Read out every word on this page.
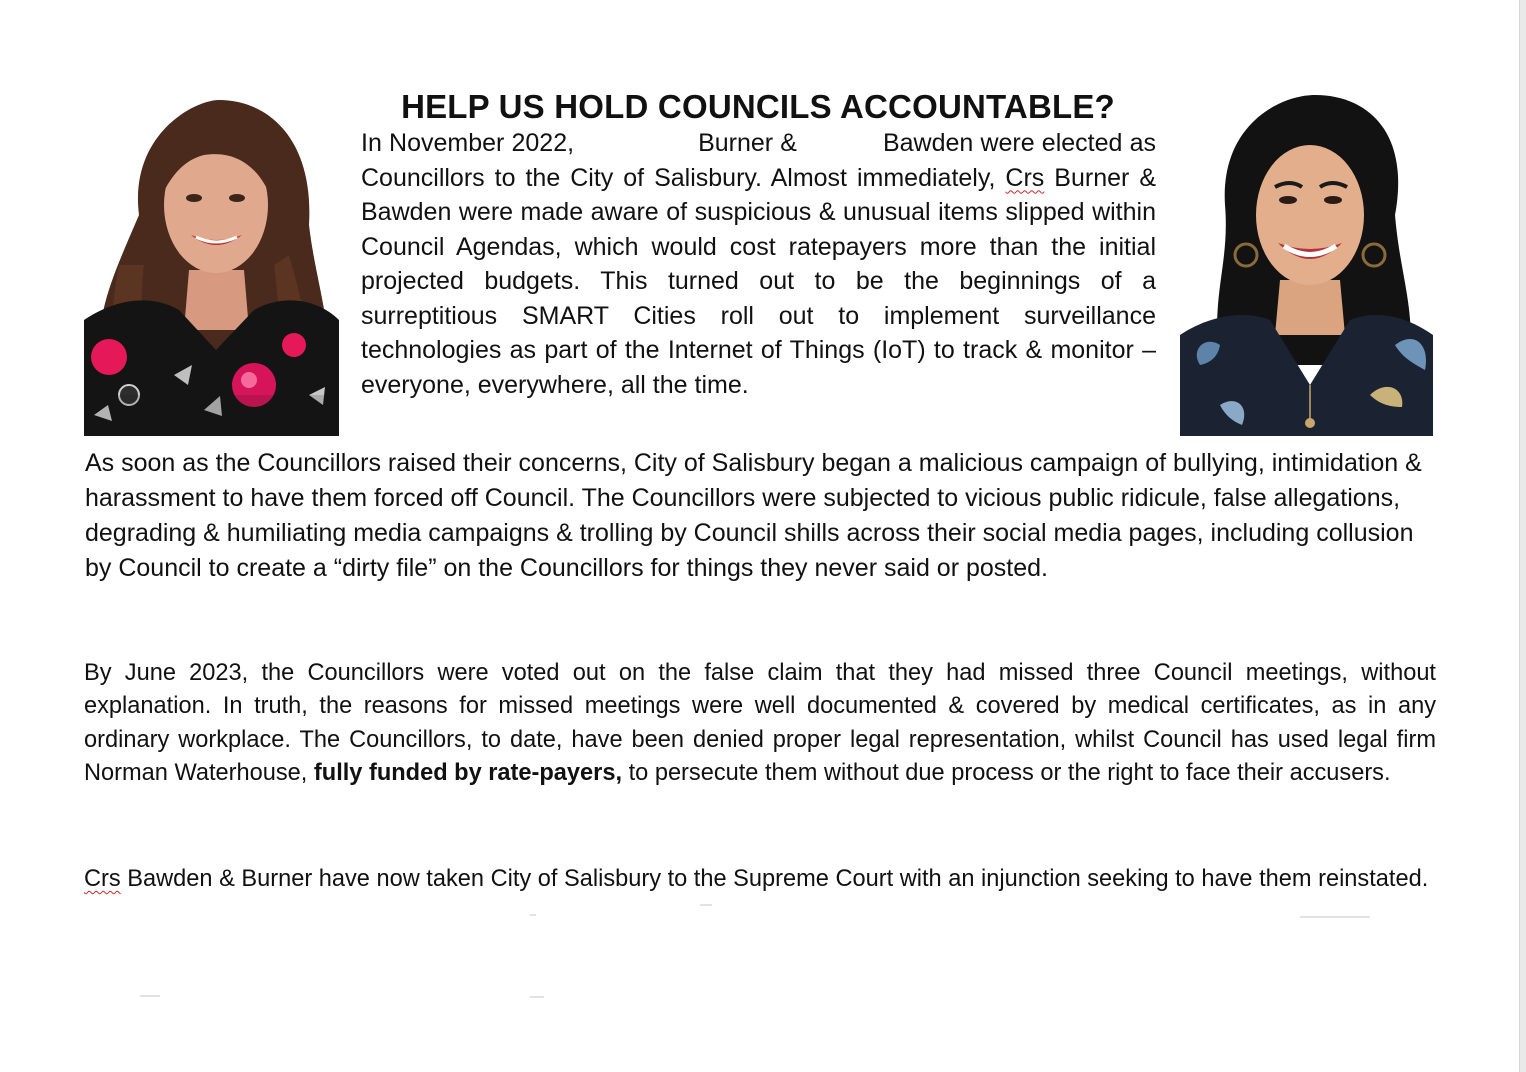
HELP US HOLD COUNCILS ACCOUNTABLE?

In November 2022,	Burner &	Bawden were elected as Councillors to the City of Salisbury. Almost immediately, Crs Burner & Bawden were made aware of suspicious & unusual items slipped within Council Agendas, which would cost ratepayers more than the initial projected budgets. This turned out to be the beginnings of a surreptitious SMART Cities roll out to implement surveillance technologies as part of the Internet of Things (IoT) to track & monitor – everyone, everywhere, all the time.

As soon as the Councillors raised their concerns, City of Salisbury began a malicious campaign of bullying, intimidation & harassment to have them forced off Council. The Councillors were subjected to vicious public ridicule, false allegations, degrading & humiliating media campaigns & trolling by Council shills across their social media pages, including collusion by Council to create a “dirty file” on the Councillors for things they never said or posted.

By June 2023, the Councillors were voted out on the false claim that they had missed three Council meetings, without explanation. In truth, the reasons for missed meetings were well documented & covered by medical certificates, as in any ordinary workplace. The Councillors, to date, have been denied proper legal representation, whilst Council has used legal firm Norman Waterhouse, fully funded by rate-payers, to persecute them without due process or the right to face their accusers.

Crs Bawden & Burner have now taken City of Salisbury to the Supreme Court with an injunction seeking to have them reinstated.
